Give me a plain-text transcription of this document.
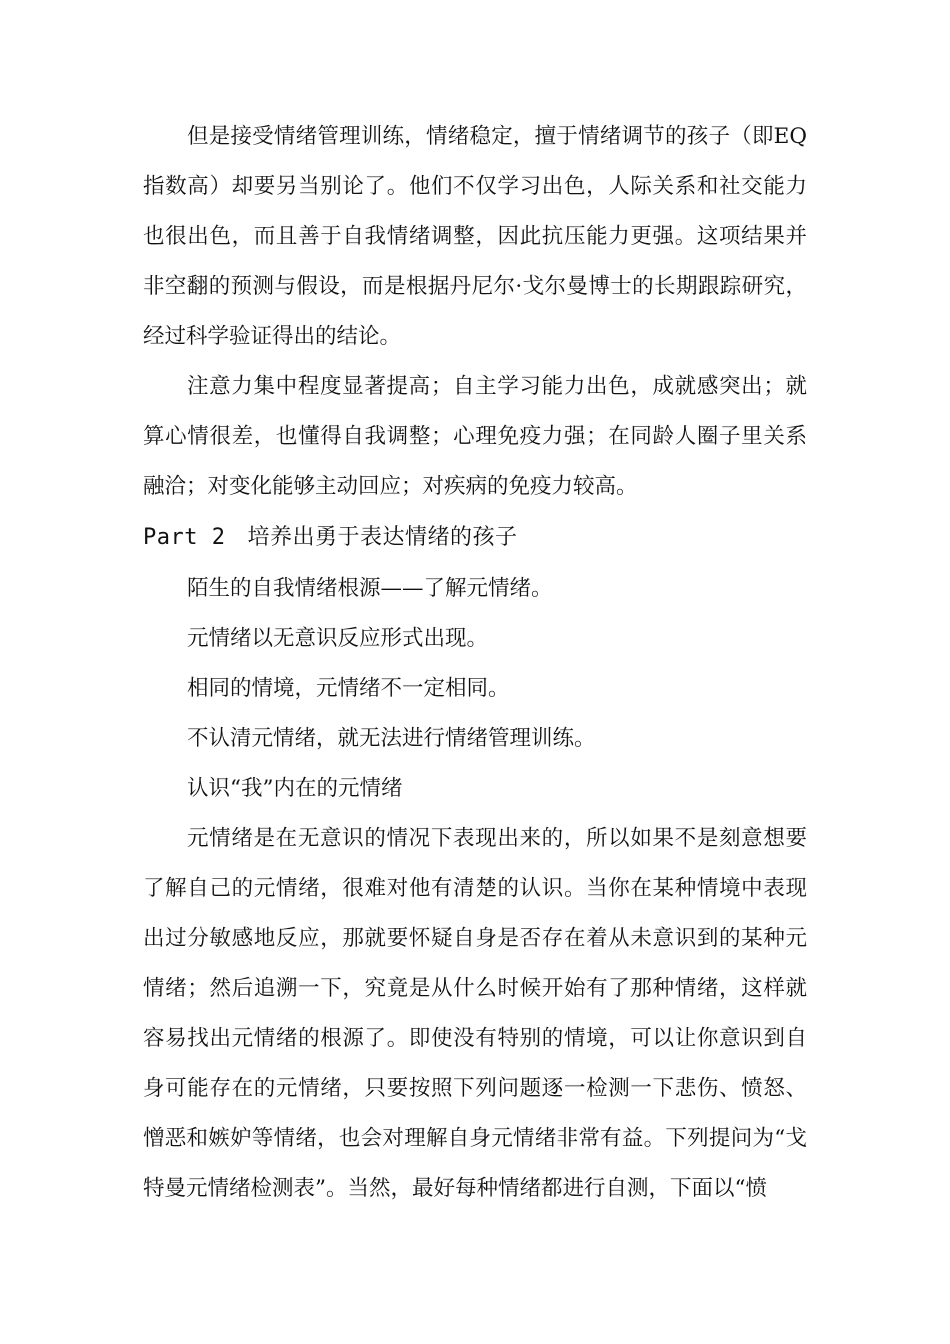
但是接受情绪管理训练，情绪稳定，擅于情绪调节的孩子（即EQ 指数高）却要另当别论了。他们不仅学习出色，人际关系和社交能力也很出色，而且善于自我情绪调整，因此抗压能力更强。这项结果并非空翻的预测与假设，而是根据丹尼尔·戈尔曼博士的长期跟踪研究，经过科学验证得出的结论。

注意力集中程度显著提高；自主学习能力出色，成就感突出；就算心情很差，也懂得自我调整；心理免疫力强；在同龄人圈子里关系融洽；对变化能够主动回应；对疾病的免疫力较高。

Part 2 培养出勇于表达情绪的孩子

陌生的自我情绪根源——了解元情绪。

元情绪以无意识反应形式出现。

相同的情境，元情绪不一定相同。

不认清元情绪，就无法进行情绪管理训练。

认识“我”内在的元情绪

元情绪是在无意识的情况下表现出来的，所以如果不是刻意想要了解自己的元情绪，很难对他有清楚的认识。当你在某种情境中表现出过分敏感地反应，那就要怀疑自身是否存在着从未意识到的某种元情绪；然后追溯一下，究竟是从什么时候开始有了那种情绪，这样就容易找出元情绪的根源了。即使没有特别的情境，可以让你意识到自身可能存在的元情绪，只要按照下列问题逐一检测一下悲伤、愤怒、憎恶和嫉妒等情绪，也会对理解自身元情绪非常有益。下列提问为“戈特曼元情绪检测表”。当然，最好每种情绪都进行自测，下面以“愤
